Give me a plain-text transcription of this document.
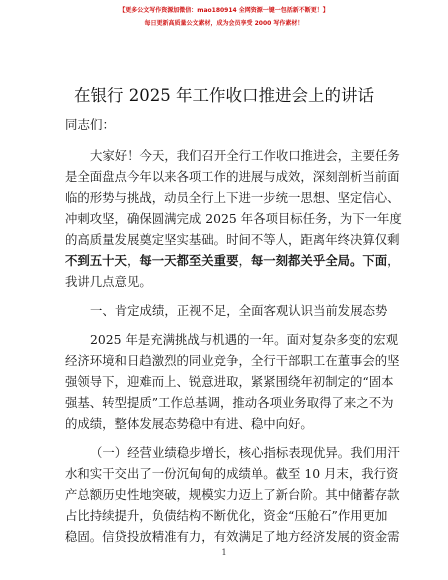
【更多公文写作资源加微信：mao180914 全网资源一键一包括新不断更！】
每日更新高质量公文素材，成为会员享受 2000 写作素材！
在银行 2025 年工作收口推进会上的讲话
同志们：
大家好！今天，我们召开全行工作收口推进会，主要任务
是全面盘点今年以来各项工作的进展与成效，深刻剖析当前面
临的形势与挑战，动员全行上下进一步统一思想、坚定信心、
冲刺攻坚，确保圆满完成 2025 年各项目标任务，为下一年度
的高质量发展奠定坚实基础。时间不等人，距离年终决算仅剩
不到五十天，每一天都至关重要，每一刻都关乎全局。下面，
我讲几点意见。
一、肯定成绩，正视不足，全面客观认识当前发展态势
2025 年是充满挑战与机遇的一年。面对复杂多变的宏观
经济环境和日趋激烈的同业竞争，全行干部职工在董事会的坚
强领导下，迎难而上、锐意进取，紧紧围绕年初制定的“固本
强基、转型提质”工作总基调，推动各项业务取得了来之不为
的成绩，整体发展态势稳中有进、稳中向好。
（一）经营业绩稳步增长，核心指标表现优异。我们用汗
水和实干交出了一份沉甸甸的成绩单。截至 10 月末，我行资
产总额历史性地突破，规模实力迈上了新台阶。其中储蓄存款
占比持续提升，负债结构不断优化，资金“压舱石”作用更加
稳固。信贷投放精准有力，有效满足了地方经济发展的资金需
1
